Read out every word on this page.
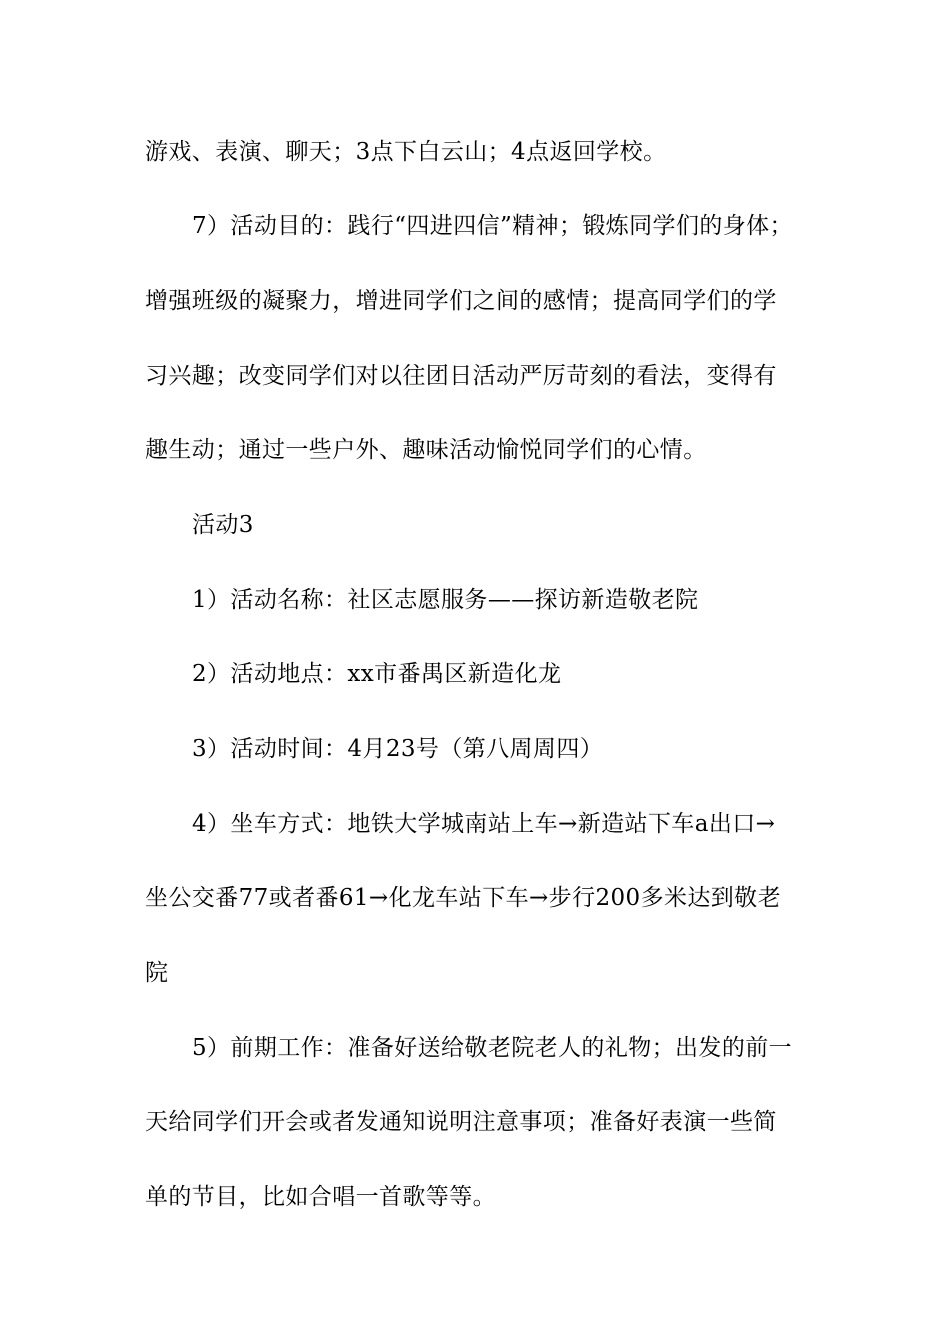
游戏、表演、聊天；3点下白云山；4点返回学校。
7）活动目的：践行“四进四信”精神；锻炼同学们的身体；
增强班级的凝聚力，增进同学们之间的感情；提高同学们的学
习兴趣；改变同学们对以往团日活动严厉苛刻的看法，变得有
趣生动；通过一些户外、趣味活动愉悦同学们的心情。
活动3
1）活动名称：社区志愿服务——探访新造敬老院
2）活动地点：xx市番禺区新造化龙
3）活动时间：4月23号（第八周周四）
4）坐车方式：地铁大学城南站上车→新造站下车a出口→
坐公交番77或者番61→化龙车站下车→步行200多米达到敬老
院
5）前期工作：准备好送给敬老院老人的礼物；出发的前一
天给同学们开会或者发通知说明注意事项；准备好表演一些简
单的节目，比如合唱一首歌等等。
